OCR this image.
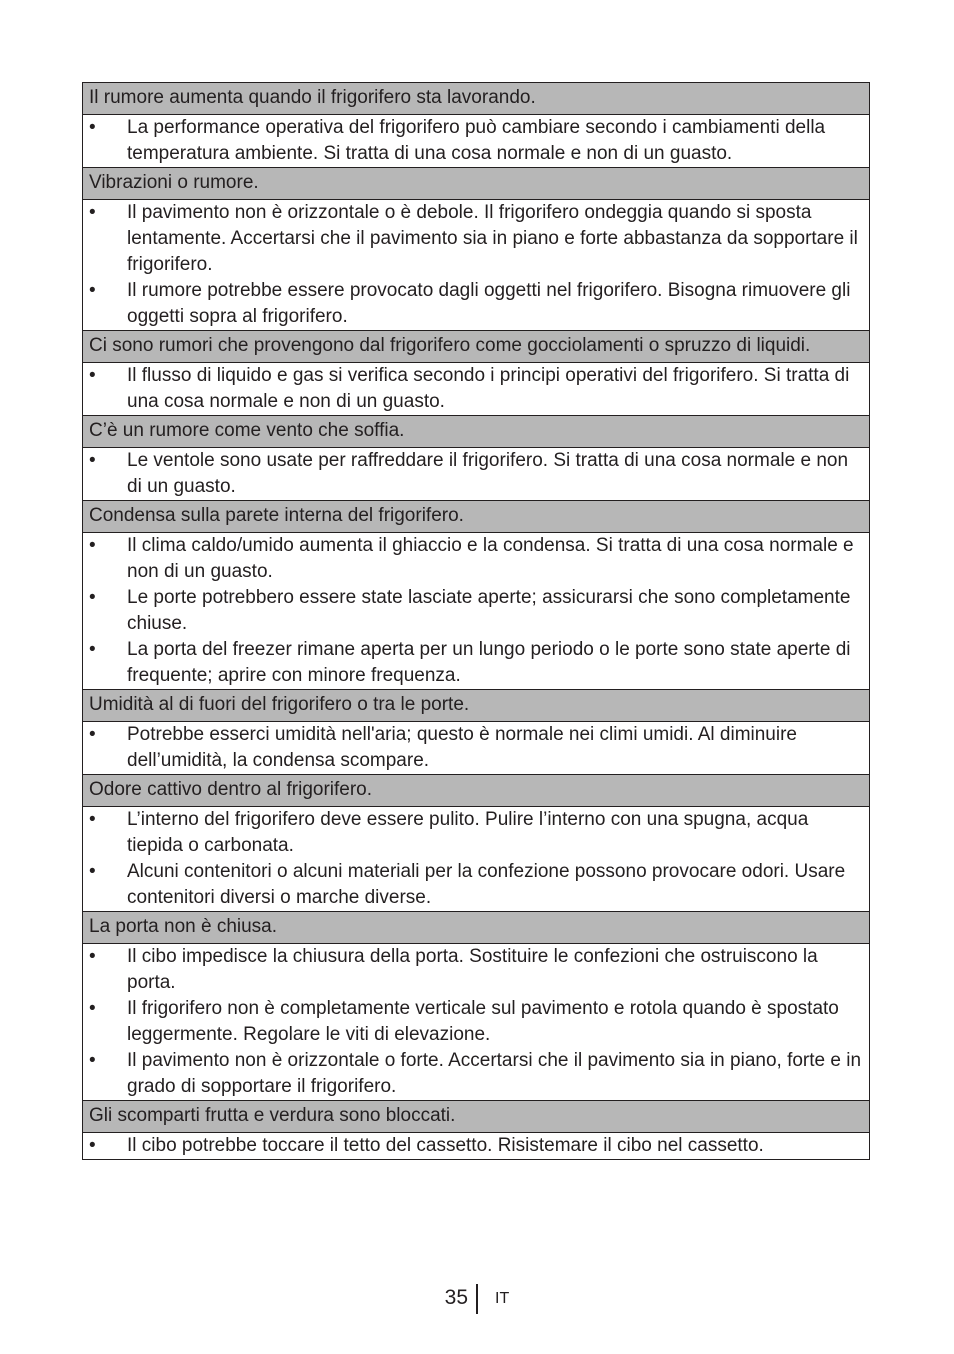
Il rumore aumenta quando il frigorifero sta lavorando.
•	La performance operativa del frigorifero può cambiare secondo i cambiamenti della temperatura ambiente. Si tratta di una cosa normale e non di un guasto.
Vibrazioni o rumore.
•	Il pavimento non è orizzontale o è debole. Il frigorifero ondeggia quando si sposta lentamente. Accertarsi che il pavimento sia in piano e forte abbastanza da sopportare il frigorifero.
•	Il rumore potrebbe essere provocato dagli oggetti nel frigorifero. Bisogna rimuovere gli oggetti sopra al frigorifero.
Ci sono rumori che provengono dal frigorifero come gocciolamenti o spruzzo di liquidi.
•	Il flusso di liquido e gas si verifica secondo i principi operativi del frigorifero. Si tratta di una cosa normale e non di un guasto.
C’è un rumore come vento che soffia.
•	Le ventole sono usate per raffreddare il frigorifero. Si tratta di una cosa normale e non di un guasto.
Condensa sulla parete interna del frigorifero.
•	Il clima caldo/umido aumenta il ghiaccio e la condensa. Si tratta di una cosa normale e non di un guasto.
•	Le porte potrebbero essere state lasciate aperte; assicurarsi che sono completamente chiuse.
•	La porta del freezer rimane aperta per un lungo periodo o le porte sono state aperte di frequente; aprire con minore frequenza.
Umidità al di fuori del frigorifero o tra le porte.
•	Potrebbe esserci umidità nell'aria; questo è normale nei climi umidi. Al diminuire dell’umidità, la condensa scompare.
Odore cattivo dentro al frigorifero.
•	L’interno del frigorifero deve essere pulito. Pulire l’interno con una spugna, acqua tiepida o carbonata.
•	Alcuni contenitori o alcuni materiali per la confezione possono provocare odori. Usare contenitori diversi o marche diverse.
La porta non è chiusa.
•	Il cibo impedisce la chiusura della porta. Sostituire le confezioni che ostruiscono la porta.
•	Il frigorifero non è completamente verticale sul pavimento e rotola quando è spostato leggermente. Regolare le viti di elevazione.
•	Il pavimento non è orizzontale o forte. Accertarsi che il pavimento sia in piano, forte e in grado di sopportare il frigorifero.
Gli scomparti frutta e verdura sono bloccati.
•	Il cibo potrebbe toccare il tetto del cassetto. Risistemare il cibo nel cassetto.
35 IT
